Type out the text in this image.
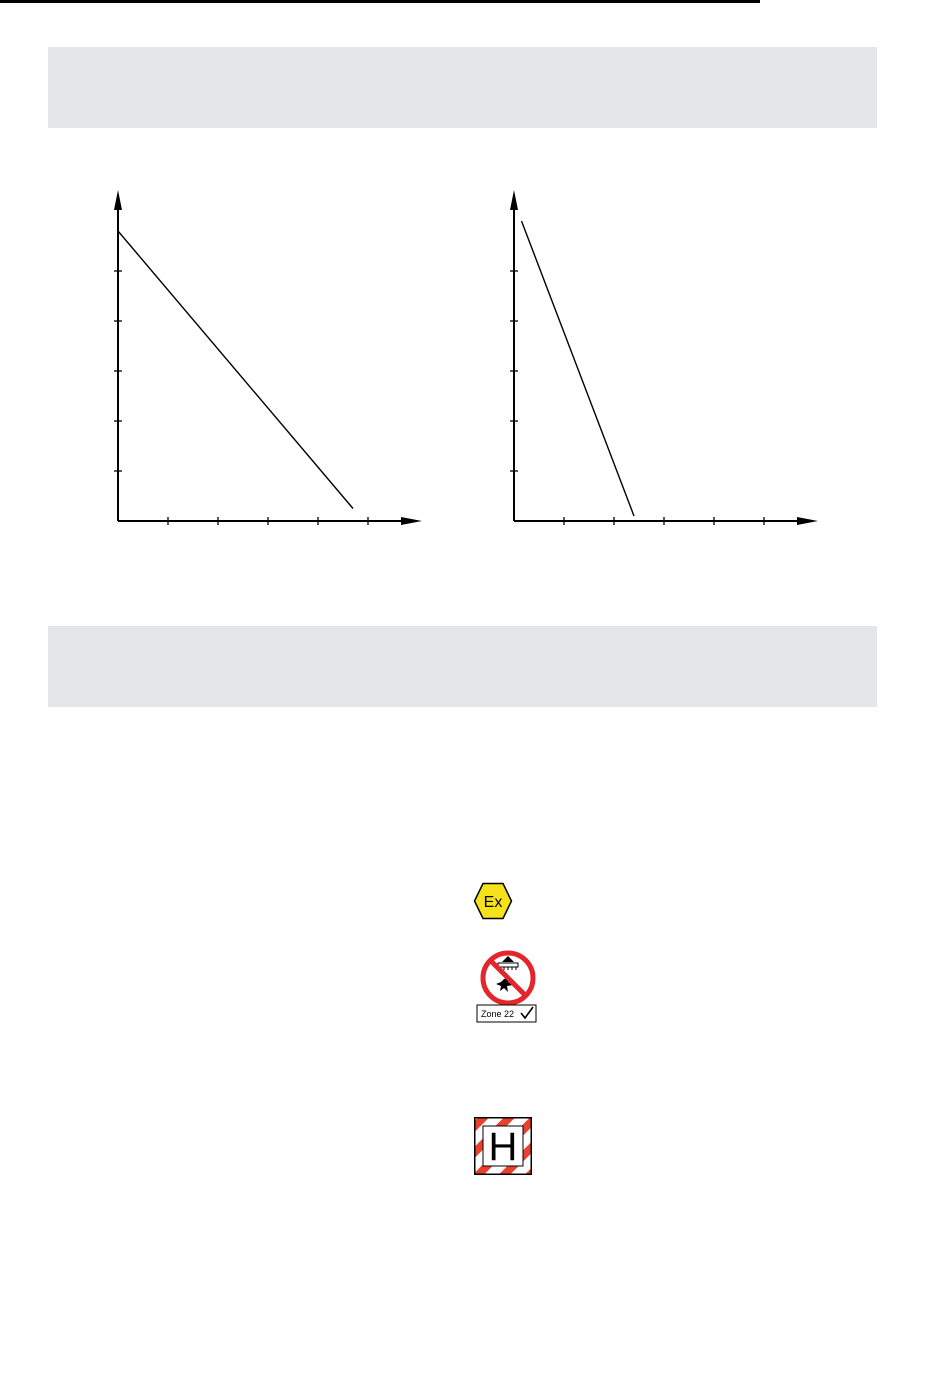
Ex
Zone 22
H
